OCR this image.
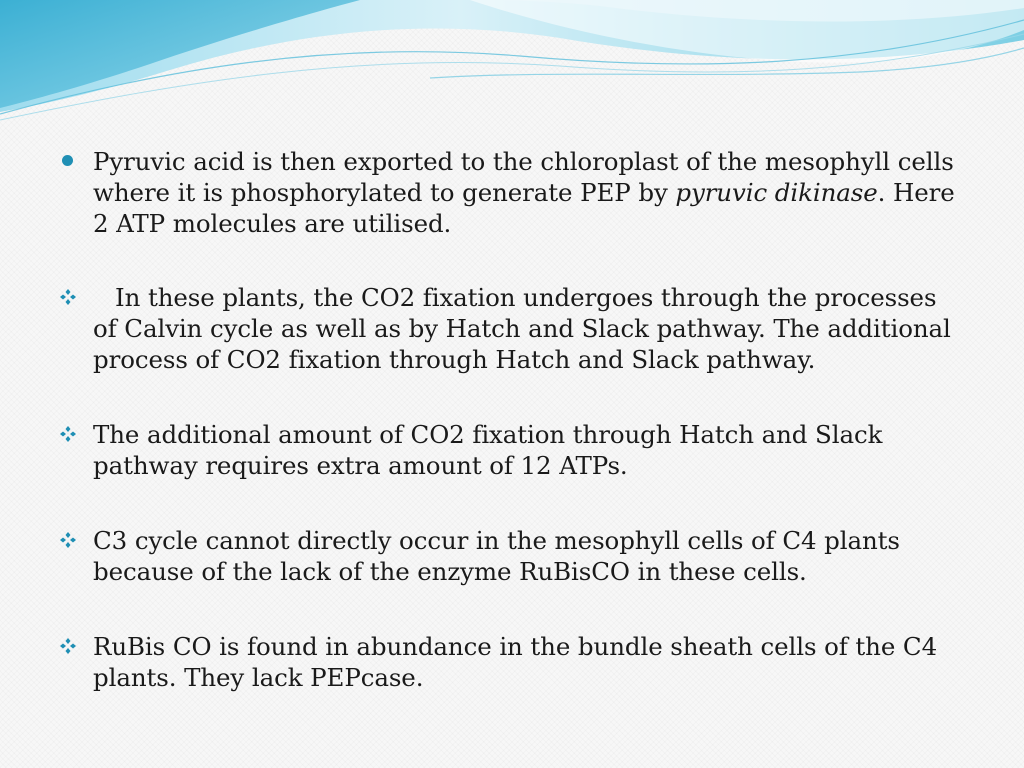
Pyruvic acid is then exported to the chloroplast of the mesophyll cells where it is phosphorylated to generate PEP by pyruvic dikinase. Here 2 ATP molecules are utilised.
In these plants, the CO2 fixation undergoes through the processes of Calvin cycle as well as by Hatch and Slack pathway. The additional process of CO2 fixation through Hatch and Slack pathway.
The additional amount of CO2 fixation through Hatch and Slack pathway requires extra amount of 12 ATPs.
C3 cycle cannot directly occur in the mesophyll cells of C4 plants because of the lack of the enzyme RuBisCO in these cells.
RuBis CO is found in abundance in the bundle sheath cells of the C4 plants. They lack PEPcase.
